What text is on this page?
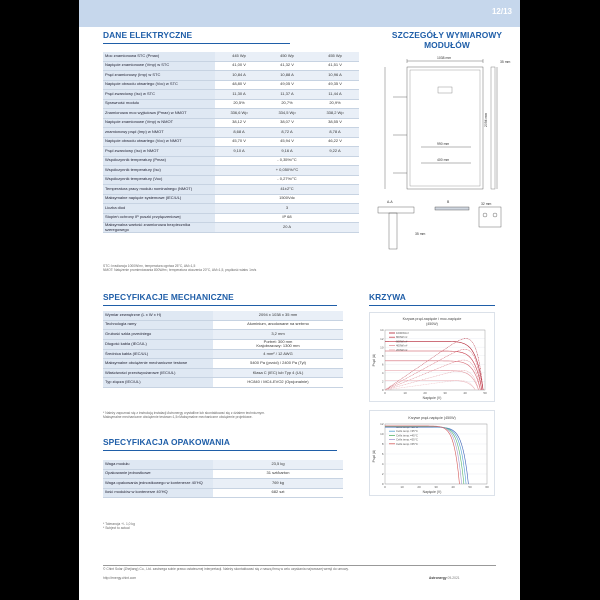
12/13
DANE ELEKTRYCZNE
Moc znamionowa STC (Pmax)	445 Wp	450 Wp	455 Wp
Napięcie znamionowe (Vmp) w STC	41,00 V	41,32 V	41,51 V
Prąd znamionowy (Imp) w STC	10,84 A	10,88 A	10,96 A
Napięcie obwodu otwartego (Voc) w STC	48,80 V	49,05 V	49,35 V
Prąd zwarciowy (Isc) w STC	11,30 A	11,37 A	11,44 A
Sprawność modułu	20,5%	20,7%	20,9%
Znamionowa moc wyjściowa (Pmax) w NMOT	336,6 Wp	334,5 Wp	338,2 Wp
Napięcie znamionowe (Vmp) w NMOT	38,12 V	38,07 V	38,55 V
znamionowy prąd (Imp) w NMOT	8,68 A	8,72 A	8,78 A
Napięcie obwodu otwartego (Voc) w NMOT	45,70 V	45,94 V	46,22 V
Prąd zwarciowy (Isc) w NMOT	9,10 A	9,16 A	9,22 A
Współczynnik temperatury (Pmax)	- 0,35%/°C		
Współczynnik temperatury (Isc)	+ 0,050%/°C		
Współczynnik temperatury (Voc)	- 0,27%/°C		
Temperatura pracy modułu nominalnego (NMOT)	41±2°C		
Maksymalne napięcie systemowe (IEC/UL)	1500Vdc		
Liczba diod	3		
Stopień ochrony IP puszki przyłączeniowej	IP 68		
Maksymalna wartość znamionowa bezpiecznika szeregowego	20 A		
STC: Irradiancja 1000W/m², temperatura ogniwa 25°C, AM=1,5
NMOT: Natężenie promieniowania 800W/m², temperatura otoczenia 20°C, AM=1,5, prędkość wiatru 1m/s
SZCZEGÓŁY WYMIAROWY
MODUŁÓW
1038 mm
35 mm
2094 mm
990 mm
400 mm
A-A	B
35 mm
32 mm
SPECYFIKACJE MECHANICZNE
Wymiar zewnętrzne (L x W x H)	2094 x 1038 x 35 mm
Technologia ramy	Aluminium, anodowane na srebrno
Grubość szkła przedniego	3,2 mm
Długość kabla (IEC/UL)	Portret: 300 mm
Krajobrazowy: 1300 mm
Średnica kabla (IEC/UL)	4 mm² / 12 AWG
Maksymalne obciążenie mechaniczne testowe	5400 Pa (przód) / 2400 Pa (Tył)
Właściwości przeciwpożarowe (IEC/UL)	Klasa C (IEC) lub Typ 4 (UL)
Typ złącza (IEC/UL)	HC840 / MC4-EVO2 (Opcjonalnie)
* Należy zapoznać się z instrukcją instalacji Astronergy crystalline lub skontaktować się z działem technicznym.
Maksymalne mechaniczne obciążenie testowe=1,5×Maksymalne mechaniczne obciążenie projektowe.
SPECYFIKACJA OPAKOWANIA
Waga modułu	23,5 kg
Opakowanie jednostkowe	31 szt/karton
Waga opakowania jednostkowego w kontenerze 40'HQ	769 kg
Ilość modułów w kontenerze 40'HQ	682 szt
* Tolerancja +/- 1,0 kg
* Subject to actual
KRZYWA
Krzywa prąd-napięcie i moc-napięcie
(450W)
Napięcie (V)
Prąd (A)
0
2
4
6
8
10
12
14
0	10	20	30	40	50
1000W/m²
800W/m²
600W/m²
400W/m²
200W/m²
Krzywe prąd-napięcie (450W)
Napięcie (V)
Prąd (A)
0
2
4
6
8
10
12
0	10	20	30	40	50	60
Cells temp.=25°C
Cells temp.=35°C
Cells temp.=45°C
Cells temp.=55°C
Cells temp.=65°C
© Chint Solar (Zhejiang) Co., Ltd. zastrzega sobie prawo ostatecznej interpretacji. Należy skontaktować się z naszą firmą w celu uzyskania najnowszej wersji do umowy.
http://energy.chint.com	Astronergy 09-2021
